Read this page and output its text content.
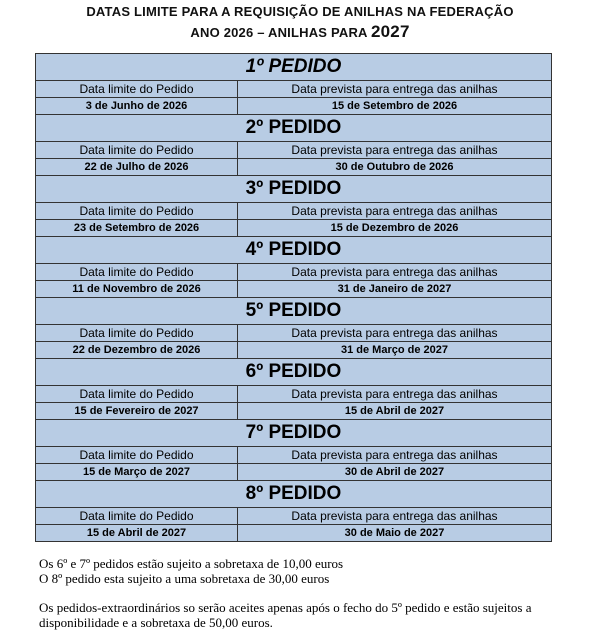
DATAS LIMITE PARA A REQUISIÇÃO DE ANILHAS NA FEDERAÇÃO
ANO 2026 – ANILHAS PARA 2027
1º PEDIDO
Data limite do Pedido	Data prevista para entrega das anilhas
3 de Junho de 2026	15 de Setembro de 2026
2º PEDIDO
Data limite do Pedido	Data prevista para entrega das anilhas
22 de Julho de 2026	30 de Outubro de 2026
3º PEDIDO
Data limite do Pedido	Data prevista para entrega das anilhas
23 de Setembro de 2026	15 de Dezembro de 2026
4º PEDIDO
Data limite do Pedido	Data prevista para entrega das anilhas
11 de Novembro de 2026	31 de Janeiro de 2027
5º PEDIDO
Data limite do Pedido	Data prevista para entrega das anilhas
22 de Dezembro de 2026	31 de Março de 2027
6º PEDIDO
Data limite do Pedido	Data prevista para entrega das anilhas
15 de Fevereiro de 2027	15 de Abril de 2027
7º PEDIDO
Data limite do Pedido	Data prevista para entrega das anilhas
15 de Março de 2027	30 de Abril de 2027
8º PEDIDO
Data limite do Pedido	Data prevista para entrega das anilhas
15 de Abril de 2027	30 de Maio de 2027
Os 6º e 7º pedidos estão sujeito a sobretaxa de 10,00 euros
O 8º pedido esta sujeito a uma sobretaxa de 30,00 euros
Os pedidos-extraordinários so serão aceites apenas após o fecho do 5º pedido e estão sujeitos a
disponibilidade e a sobretaxa de 50,00 euros.
